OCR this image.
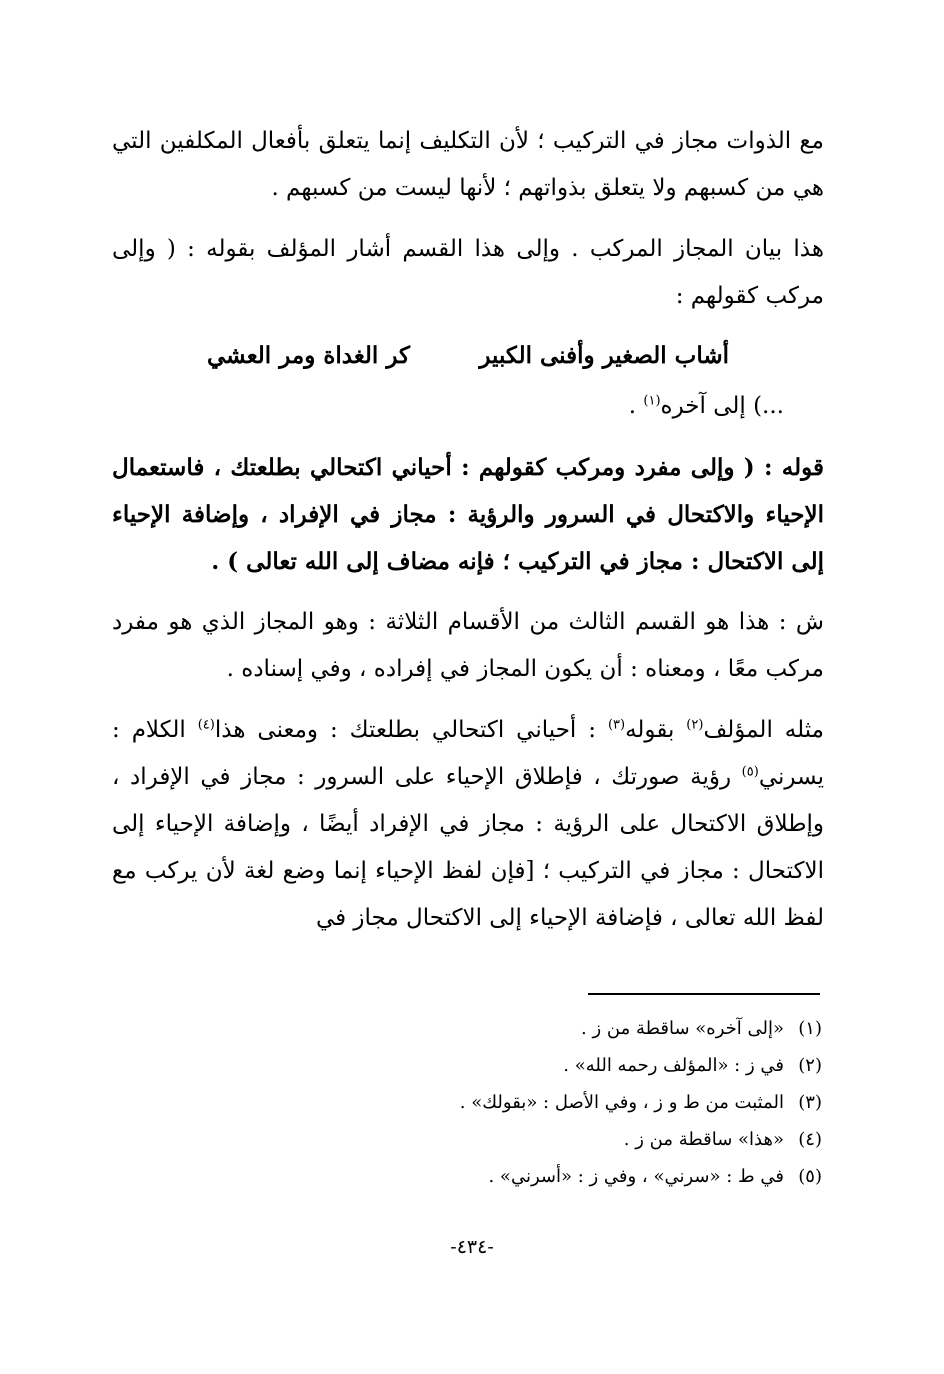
مع الذوات مجاز في التركيب ؛ لأن التكليف إنما يتعلق بأفعال المكلفين التي هي من كسبهم ولا يتعلق بذواتهم ؛ لأنها ليست من كسبهم .

هذا بيان المجاز المركب . وإلى هذا القسم أشار المؤلف بقوله : ( وإلى مركب كقولهم :

أشاب الصغير وأفنى الكبير
كر الغداة ومر العشي

...) إلى آخره$^{(١)}$ .

قوله : ( وإلى مفرد ومركب كقولهم : أحياني اكتحالي بطلعتك ، فاستعمال الإحياء والاكتحال في السرور والرؤية : مجاز في الإفراد ، وإضافة الإحياء إلى الاكتحال : مجاز في التركيب ؛ فإنه مضاف إلى الله تعالى ) .

ش : هذا هو القسم الثالث من الأقسام الثلاثة : وهو المجاز الذي هو مفرد مركب معًا ، ومعناه : أن يكون المجاز في إفراده ، وفي إسناده .

مثله المؤلف$^{(٢)}$ بقوله$^{(٣)}$ : أحياني اكتحالي بطلعتك : ومعنى هذا$^{(٤)}$ الكلام : يسرني$^{(٥)}$ رؤية صورتك ، فإطلاق الإحياء على السرور : مجاز في الإفراد ، وإطلاق الاكتحال على الرؤية : مجاز في الإفراد أيضًا ، وإضافة الإحياء إلى الاكتحال : مجاز في التركيب ؛ [فإن لفظ الإحياء إنما وضع لغة لأن يركب مع لفظ الله تعالى ، فإضافة الإحياء إلى الاكتحال مجاز في

(١)«إلى آخره» ساقطة من ز .
(٢)في ز : «المؤلف رحمه الله» .
(٣)المثبت من ط و ز ، وفي الأصل : «بقولك» .
(٤)«هذا» ساقطة من ز .
(٥)في ط : «سرني» ، وفي ز : «أسرني» .
-٤٣٤-
